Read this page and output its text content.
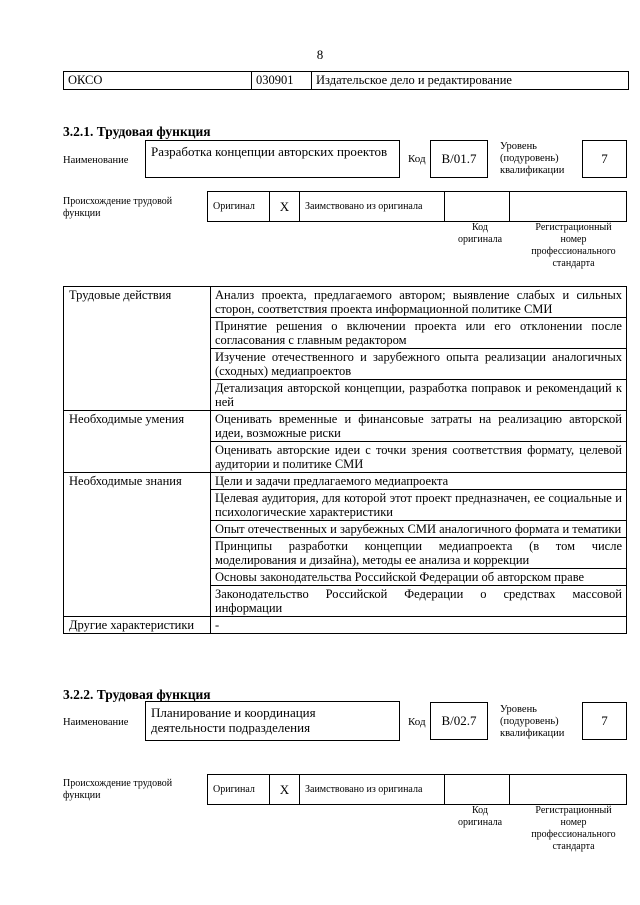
8
ОКСО	030901	Издательское дело и редактирование
3.2.1. Трудовая функция
Наименование
Разработка концепции авторских проектов	Код B/01.7
Уровень
(подуровень)
квалификации
7
Происхождение трудовой
функции
Оригинал	X	Заимствовано из оригинала
Код
оригинала
Регистрационный
номер
профессионального
стандарта
Трудовые действия	Анализ проекта, предлагаемого автором; выявление слабых и сильных сторон, соответствия проекта информационной политике СМИ
	Принятие решения о включении проекта или его отклонении после согласования с главным редактором
	Изучение отечественного и зарубежного опыта реализации аналогичных (сходных) медиапроектов
	Детализация авторской концепции, разработка поправок и рекомендаций к ней
Необходимые умения	Оценивать временные и финансовые затраты на реализацию авторской идеи, возможные риски
	Оценивать авторские идеи с точки зрения соответствия формату, целевой аудитории и политике СМИ
Необходимые знания	Цели и задачи предлагаемого медиапроекта
	Целевая аудитория, для которой этот проект предназначен, ее социальные и психологические характеристики
	Опыт отечественных и зарубежных СМИ аналогичного формата и тематики
	Принципы разработки концепции медиапроекта (в том числе моделирования и дизайна), методы ее анализа и коррекции
	Основы законодательства Российской Федерации об авторском праве
	Законодательство Российской Федерации о средствах массовой информации
Другие характеристики	-
3.2.2. Трудовая функция
Наименование
Планирование и координация
деятельности подразделения	Код B/02.7
Уровень
(подуровень)
квалификации
7
Происхождение трудовой
функции
Оригинал	X	Заимствовано из оригинала
Код
оригинала
Регистрационный
номер
профессионального
стандарта
